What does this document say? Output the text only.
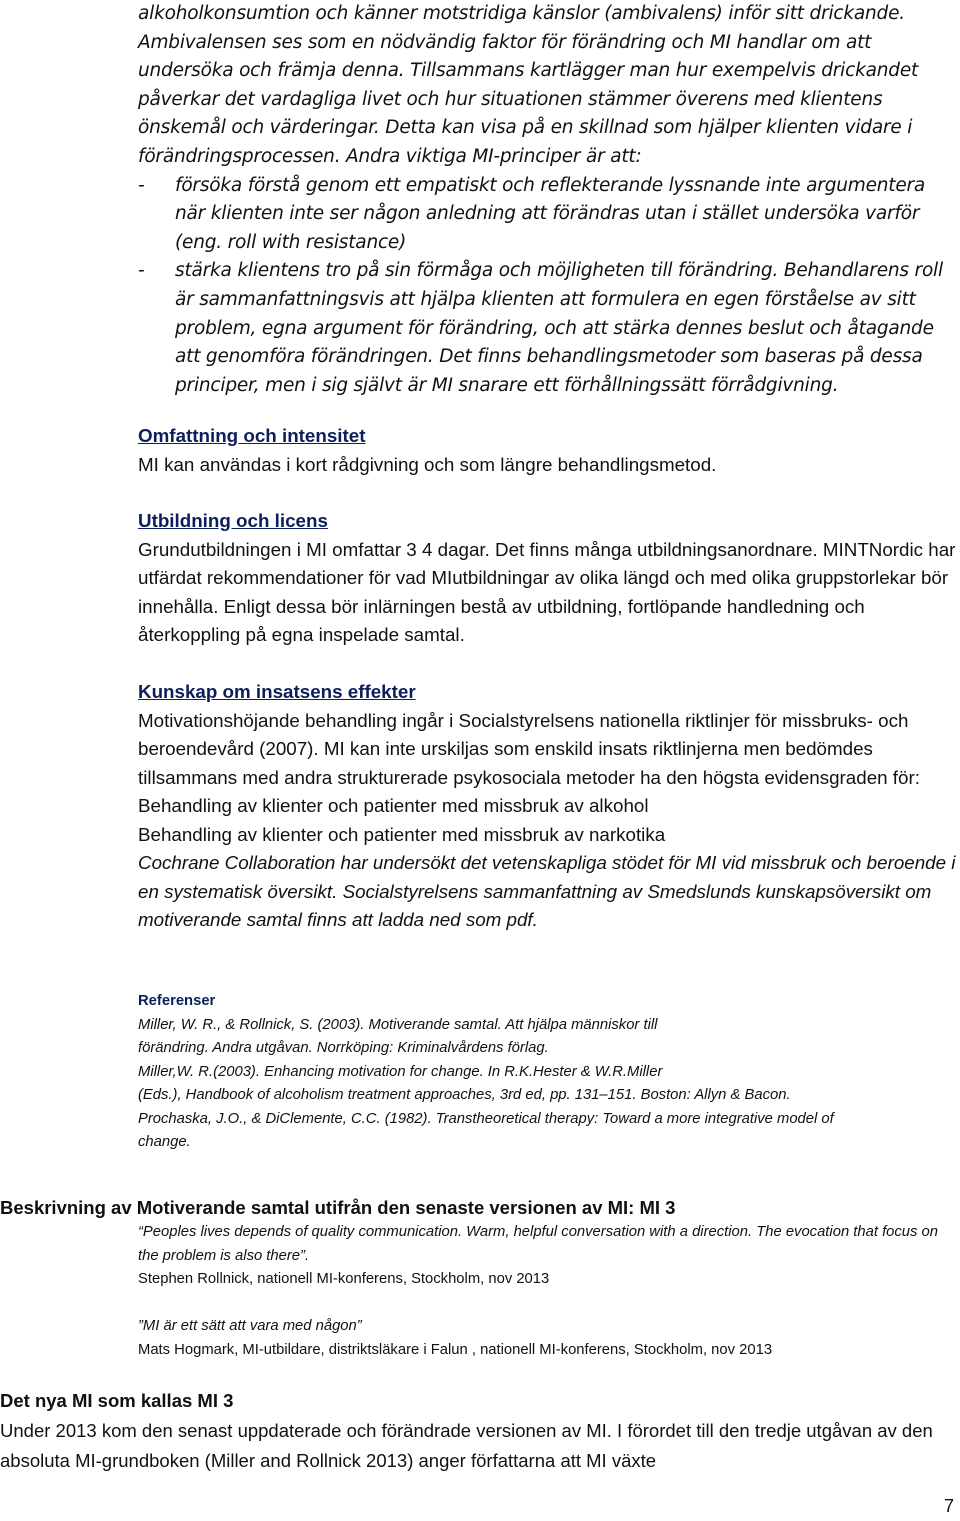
alkoholkonsumtion och känner motstridiga känslor (ambivalens) inför sitt drickande. Ambivalensen ses som en nödvändig faktor för förändring och MI handlar om att undersöka och främja denna. Tillsammans kartlägger man hur exempelvis drickandet påverkar det vardagliga livet och hur situationen stämmer överens med klientens önskemål och värderingar. Detta kan visa på en skillnad som hjälper klienten vidare i förändringsprocessen. Andra viktiga MI-principer är att:

-	försöka förstå genom ett empatiskt och reflekterande lyssnande inte argumentera när klienten inte ser någon anledning att förändras utan i stället undersöka varför (eng. roll with resistance)
-	stärka klientens tro på sin förmåga och möjligheten till förändring. Behandlarens roll är sammanfattningsvis att hjälpa klienten att formulera en egen förståelse av sitt problem, egna argument för förändring, och att stärka dennes beslut och åtagande att genomföra förändringen. Det finns behandlingsmetoder som baseras på dessa principer, men i sig självt är MI snarare ett förhållningssätt förrådgivning.

Omfattning och intensitet

MI kan användas i kort rådgivning och som längre behandlingsmetod.

Utbildning och licens

Grundutbildningen i MI omfattar 3 4 dagar. Det finns många utbildningsanordnare. MINTNordic har utfärdat rekommendationer för vad MIutbildningar av olika längd och med olika gruppstorlekar bör innehålla. Enligt dessa bör inlärningen bestå av utbildning, fortlöpande handledning och återkoppling på egna inspelade samtal.

Kunskap om insatsens effekter

Motivationshöjande behandling ingår i Socialstyrelsens nationella riktlinjer för missbruks- och beroendevård (2007). MI kan inte urskiljas som enskild insats riktlinjerna men bedömdes tillsammans med andra strukturerade psykosociala metoder ha den högsta evidensgraden för:

Behandling av klienter och patienter med missbruk av alkohol

Behandling av klienter och patienter med missbruk av narkotika

Cochrane Collaboration har undersökt det vetenskapliga stödet för MI vid missbruk och beroende i en systematisk översikt. Socialstyrelsens sammanfattning av Smedslunds kunskapsöversikt om motiverande samtal finns att ladda ned som pdf.

Referenser
Miller, W. R., & Rollnick, S. (2003). Motiverande samtal. Att hjälpa människor till
förändring. Andra utgåvan. Norrköping: Kriminalvårdens förlag.
Miller,W. R.(2003). Enhancing motivation for change. In R.K.Hester & W.R.Miller
(Eds.), Handbook of alcoholism treatment approaches, 3rd ed, pp. 131–151. Boston: Allyn & Bacon.
Prochaska, J.O., & DiClemente, C.C. (1982). Transtheoretical therapy: Toward a more integrative model of
change.
Beskrivning av Motiverande samtal utifrån den senaste versionen av MI: MI 3
“Peoples lives depends of quality communication. Warm, helpful conversation with a direction. The evocation that focus on the problem is also there”.
Stephen Rollnick, nationell MI-konferens, Stockholm, nov 2013
”MI är ett sätt att vara med någon”
Mats Hogmark, MI-utbildare, distriktsläkare i Falun , nationell MI-konferens, Stockholm, nov 2013
Det nya MI som kallas MI 3
Under 2013 kom den senast uppdaterade och förändrade versionen av MI. I förordet till den tredje utgåvan av den absoluta MI-grundboken (Miller and Rollnick 2013) anger författarna att MI växte
7
